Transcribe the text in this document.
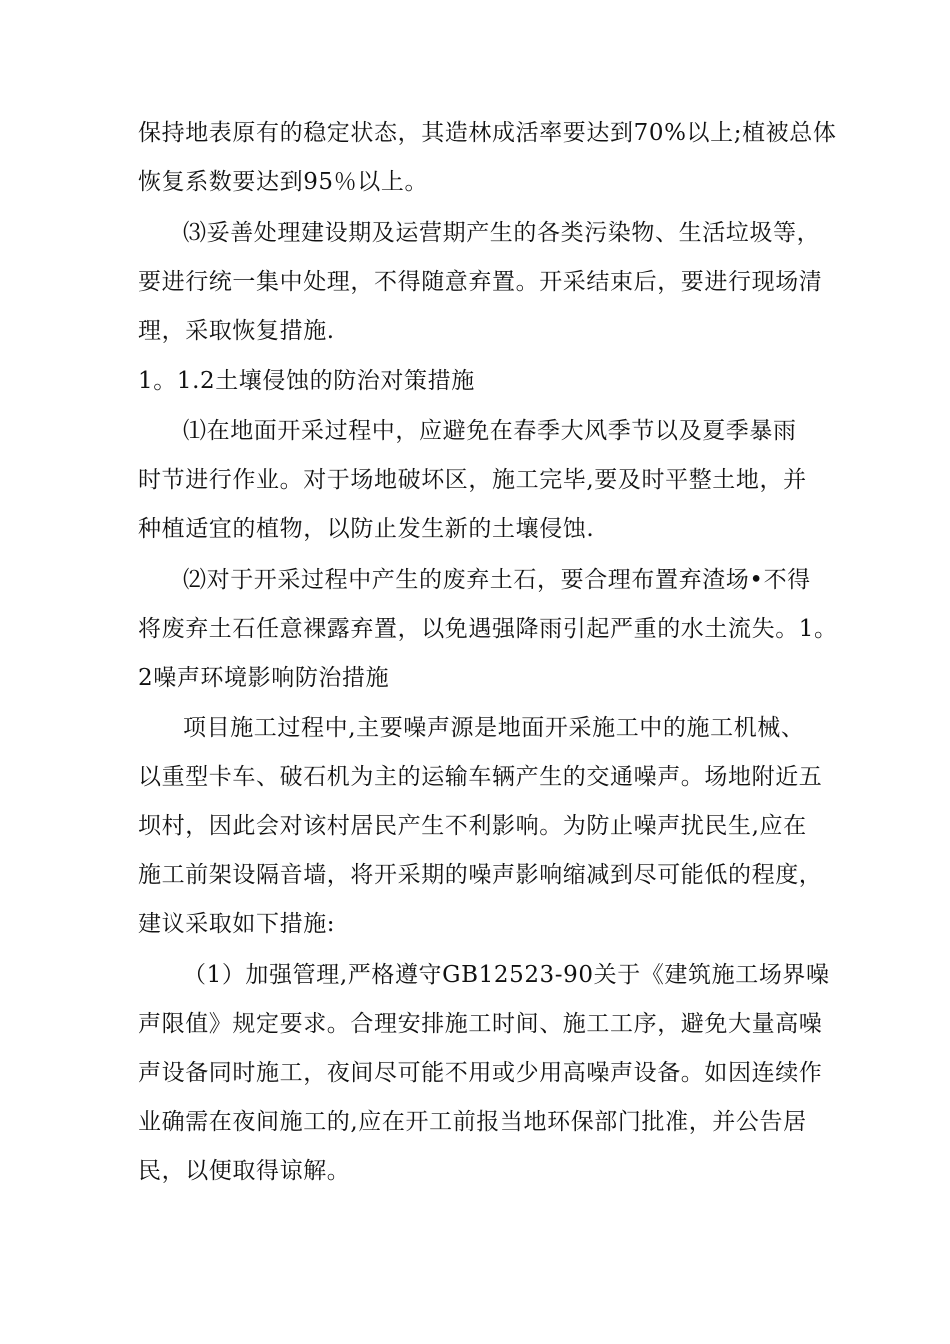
保持地表原有的稳定状态，其造林成活率要达到70%以上;植被总体
恢复系数要达到95％以上。
⑶妥善处理建设期及运营期产生的各类污染物、生活垃圾等，
要进行统一集中处理，不得随意弃置。开采结束后，要进行现场清
理，采取恢复措施.
1。1.2土壤侵蚀的防治对策措施
⑴在地面开采过程中，应避免在春季大风季节以及夏季暴雨
时节进行作业。对于场地破坏区，施工完毕,要及时平整土地，并
种植适宜的植物，以防止发生新的土壤侵蚀.
⑵对于开采过程中产生的废弃土石，要合理布置弃渣场•不得
将废弃土石任意裸露弃置，以免遇强降雨引起严重的水土流失。1。
2噪声环境影响防治措施
项目施工过程中,主要噪声源是地面开采施工中的施工机械、
以重型卡车、破石机为主的运输车辆产生的交通噪声。场地附近五
坝村，因此会对该村居民产生不利影响。为防止噪声扰民生,应在
施工前架设隔音墙，将开采期的噪声影响缩减到尽可能低的程度，
建议采取如下措施:
（1）加强管理,严格遵守GB12523-90关于《建筑施工场界噪
声限值》规定要求。合理安排施工时间、施工工序，避免大量高噪
声设备同时施工，夜间尽可能不用或少用高噪声设备。如因连续作
业确需在夜间施工的,应在开工前报当地环保部门批准，并公告居
民，以便取得谅解。
